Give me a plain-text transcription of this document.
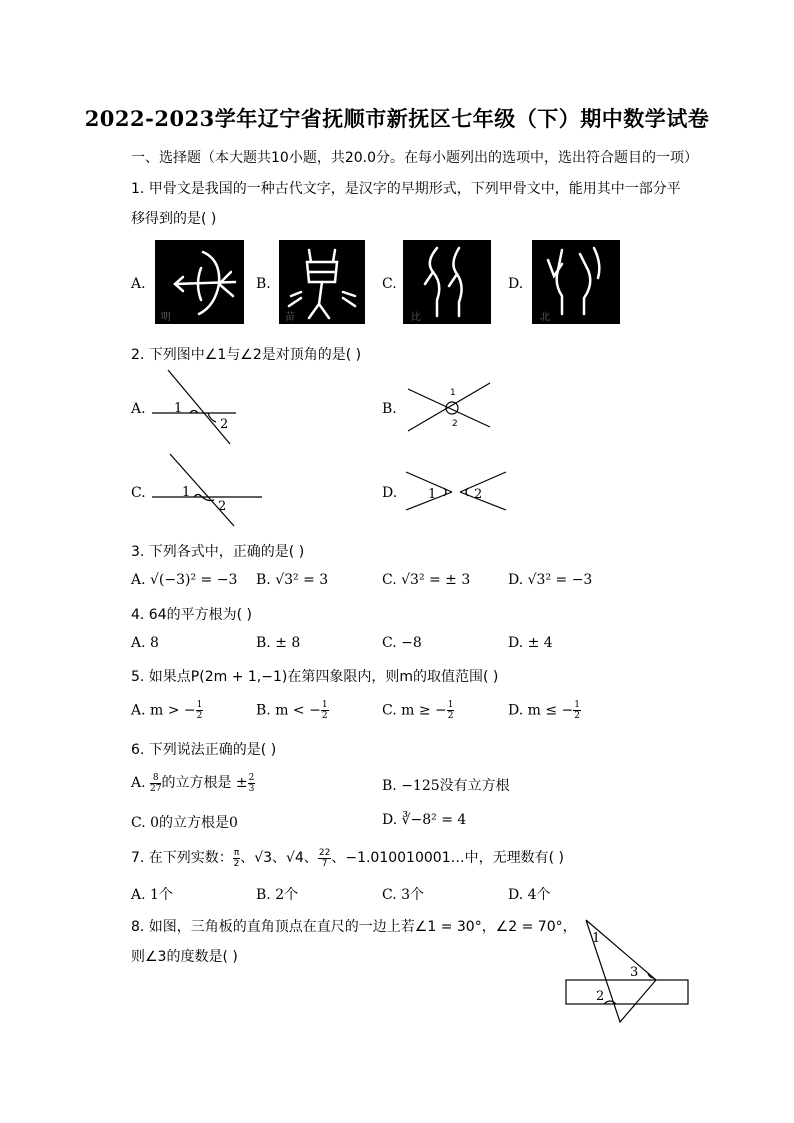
2022-2023学年辽宁省抚顺市新抚区七年级（下）期中数学试卷
一、选择题（本大题共10小题，共20.0分。在每小题列出的选项中，选出符合题目的一项）
1. 甲骨文是我国的一种古代文字，是汉字的早期形式，下列甲骨文中，能用其中一部分平
移得到的是( )
A.
明
B.
苗
C.
比
D.
北
2. 下列图中∠1与∠2是对顶角的是( )
A. 1
2
B.
1
2
C.	1
2
D. 1	2
3. 下列各式中，正确的是( )
A. √(−3)² = −3 B. √3² = 3	C. √3² = ± 3	D. √3² = −3
4. 64的平方根为( )
A. 8	B. ± 8	C. −8	D. ± 4
5. 如果点P(2m + 1,−1)在第四象限内，则m的取值范围( )
A. m > − $\frac{1}{2}$	B. m < − $\frac{1}{2}$	C. m ≥ − $\frac{1}{2}$	D. m ≤ − $\frac{1}{2}$
6. 下列说法正确的是( )
A. $\frac{8}{27}$ 的立方根是 ± $\frac{2}{3}$	B. −125没有立方根
C. 0的立方根是0	D. ∛−8² = 4
7. 在下列实数： $\frac{\pi}{2}$ 、√3、√4、 $\frac{22}{7}$ 、−1.010010001…中，无理数有( )
A. 1个	B. 2个	C. 3个	D. 4个
8. 如图，三角板的直角顶点在直尺的一边上若∠1 = 30°，∠2 = 70°，
则∠3的度数是( )
1
2
3
